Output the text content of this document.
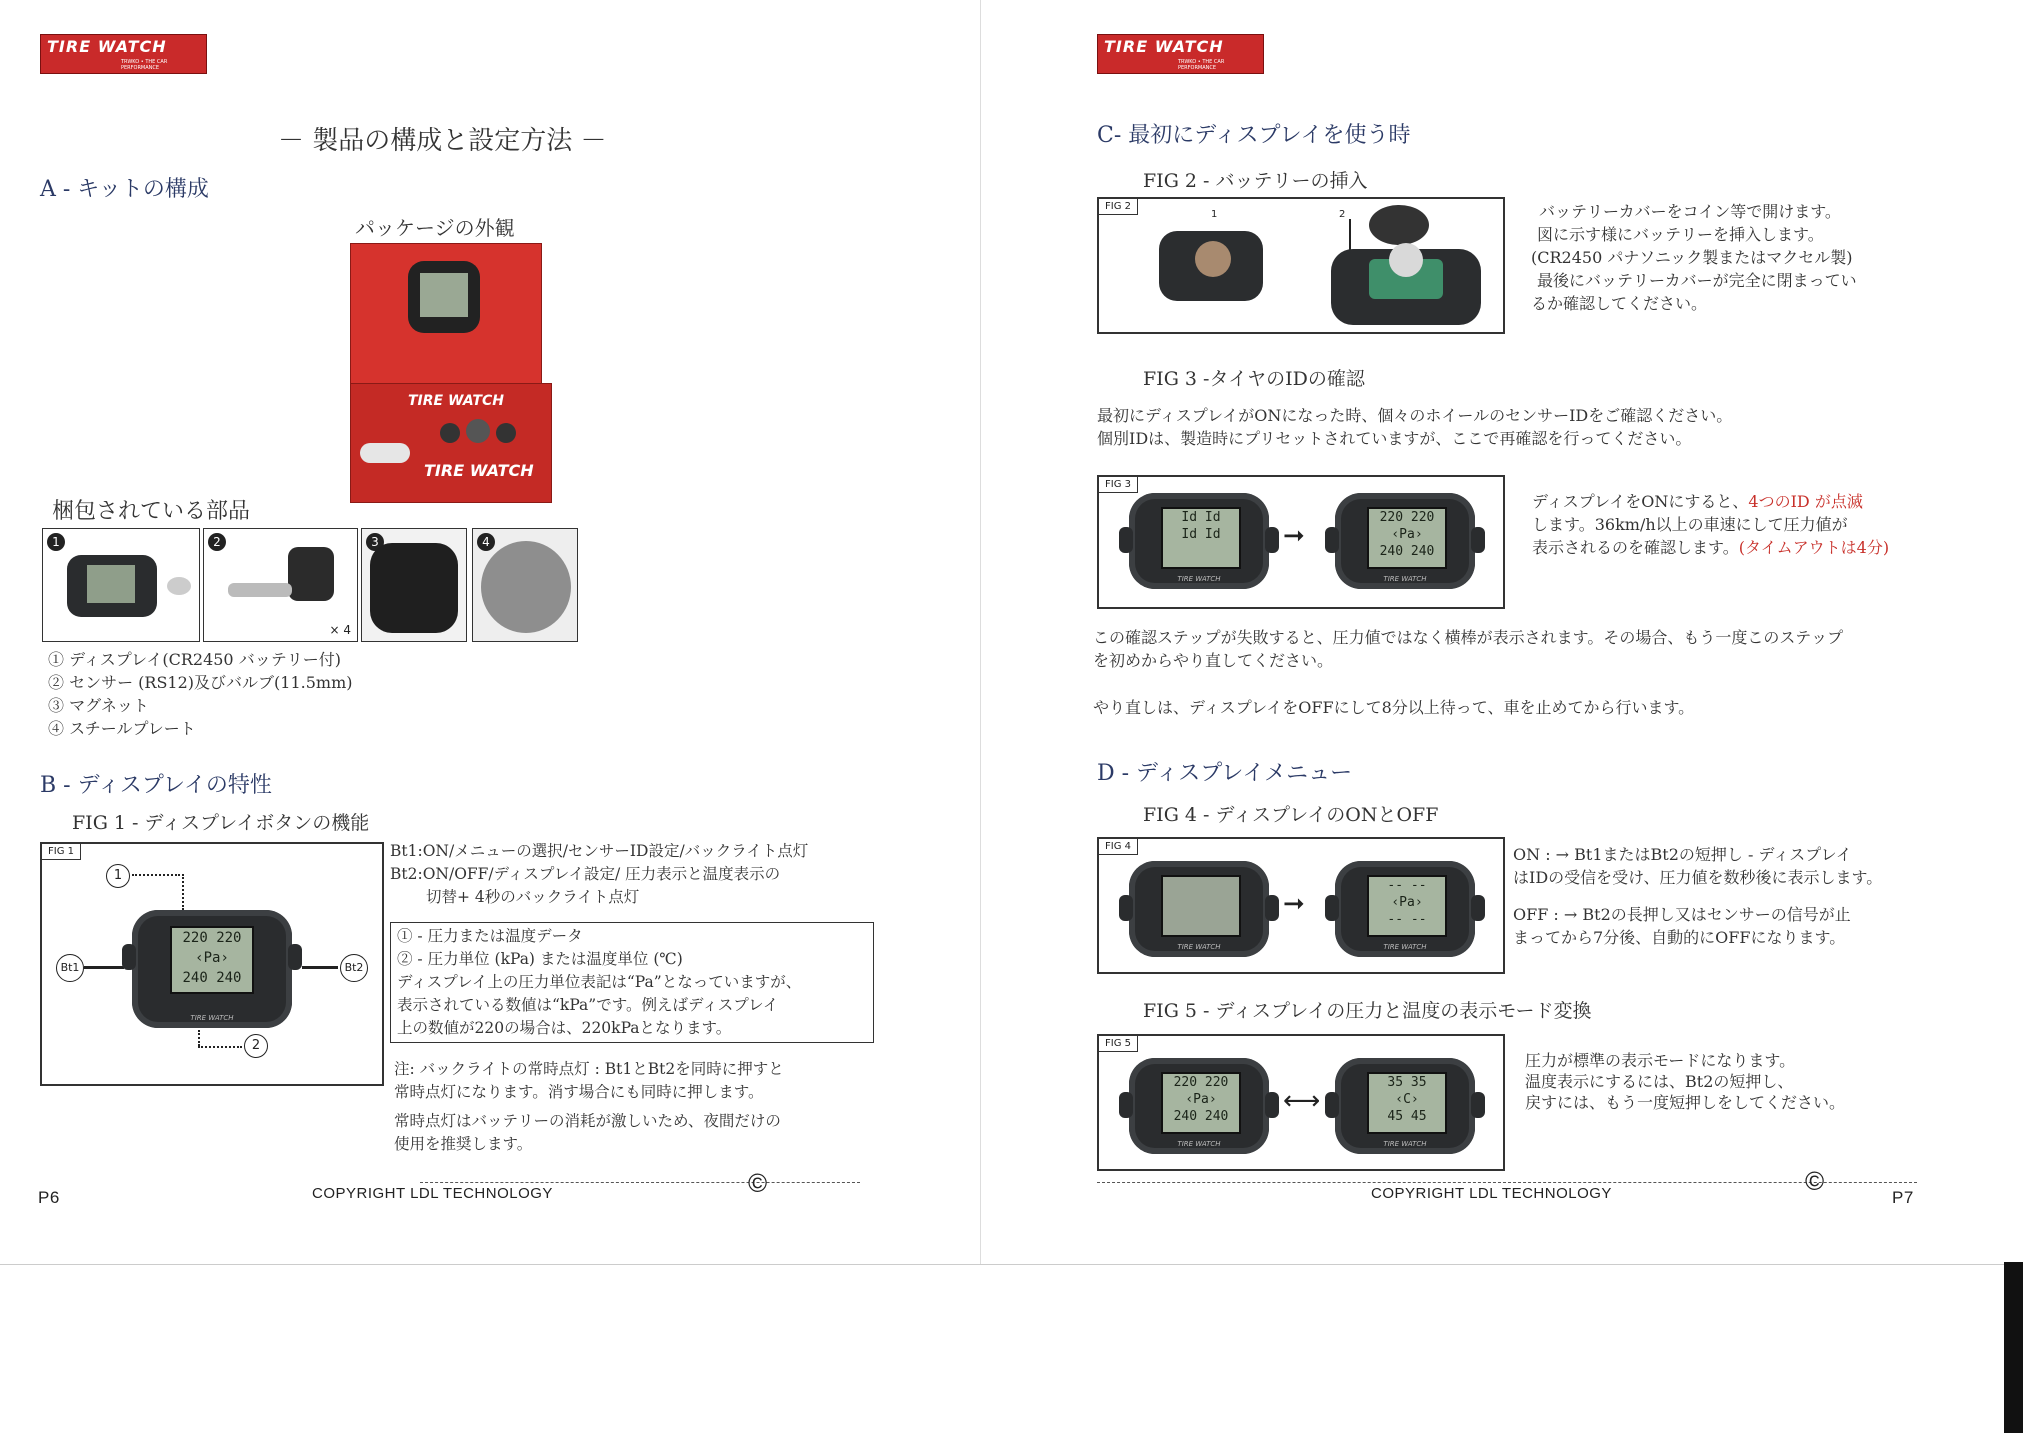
TIRE WATCH
TRWKO • THE CAR PERFORMANCE
－ 製品の構成と設定方法 －
A - キットの構成
パッケージの外観
TIRE WATCH
TIRE WATCH
梱包されている部品
1	2
× 4
3	4
① ディスプレイ(CR2450 バッテリー付)
② センサー (RS12)及びバルブ(11.5mm)
③ マグネット
④ スチールプレート
B - ディスプレイの特性
FIG 1 - ディスプレイボタンの機能
FIG 1
1
Bt1
220 220
‹Pa›
240 240
TIRE WATCH
Bt2
2
Bt1:ON/メニューの選択/センサーID設定/バックライト点灯
Bt2:ON/OFF/ディスプレイ設定/ 圧力表示と温度表示の
切替+ 4秒のバックライト点灯
① - 圧力または温度データ
② - 圧力単位 (kPa) または温度単位 (℃)
ディスプレイ上の圧力単位表記は“Pa”となっていますが、
表示されている数値は“kPa”です。例えばディスプレイ
上の数値が220の場合は、220kPaとなります。
注: バックライトの常時点灯 : Bt1とBt2を同時に押すと
常時点灯になります。消す場合にも同時に押します。
常時点灯はバッテリーの消耗が激しいため、夜間だけの
使用を推奨します。
P6	COPYRIGHT LDL TECHNOLOGY	©
TIRE WATCH
TRWKO • THE CAR PERFORMANCE
C- 最初にディスプレイを使う時
FIG 2 - バッテリーの挿入
FIG 2
1	2	バッテリーカバーをコイン等で開けます。
図に示す様にバッテリーを挿入します。
(CR2450 パナソニック製またはマクセル製)
最後にバッテリーカバーが完全に閉まってい
るか確認してください。
FIG 3 -タイヤのIDの確認
最初にディスプレイがONになった時、個々のホイールのセンサーIDをご確認ください。
個別IDは、製造時にプリセットされていますが、ここで再確認を行ってください。
FIG 3
Id Id
Id Id
TIRE WATCH
➞
220 220
‹Pa›
240 240
TIRE WATCH
ディスプレイをONにすると、4つのID が点滅
します。36km/h以上の車速にして圧力値が
表示されるのを確認します。(タイムアウトは4分)
この確認ステップが失敗すると、圧力値ではなく横棒が表示されます。その場合、もう一度このステップ
を初めからやり直してください。
やり直しは、ディスプレイをOFFにして8分以上待って、車を止めてから行います。
D - ディスプレイメニュー
FIG 4 - ディスプレイのONとOFF
FIG 4
TIRE WATCH
➞
-- --
‹Pa›
-- --
TIRE WATCH
ON : → Bt1またはBt2の短押し - ディスプレイ
はIDの受信を受け、圧力値を数秒後に表示します。
OFF : → Bt2の長押し又はセンサーの信号が止
まってから7分後、自動的にOFFになります。
FIG 5 - ディスプレイの圧力と温度の表示モード変換
FIG 5
220 220
‹Pa›
240 240
TIRE WATCH
⟷
35 35
‹C›
45 45
TIRE WATCH
圧力が標準の表示モードになります。
温度表示にするには、Bt2の短押し、
戻すには、もう一度短押しをしてください。
COPYRIGHT LDL TECHNOLOGY	©
P7
